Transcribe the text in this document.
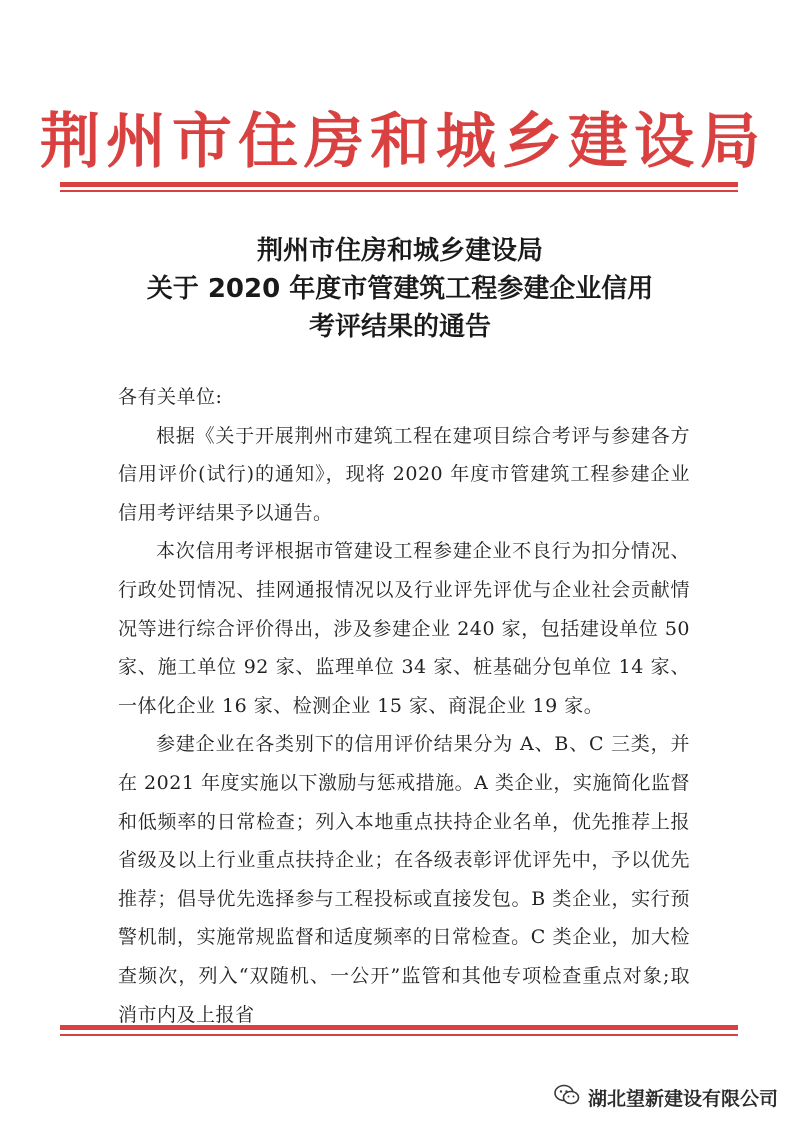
荆州市住房和城乡建设局
荆州市住房和城乡建设局
关于 2020 年度市管建筑工程参建企业信用
考评结果的通告

各有关单位:

根据《关于开展荆州市建筑工程在建项目综合考评与参建各方信用评价(试行)的通知》，现将 2020 年度市管建筑工程参建企业信用考评结果予以通告。

本次信用考评根据市管建设工程参建企业不良行为扣分情况、行政处罚情况、挂网通报情况以及行业评先评优与企业社会贡献情况等进行综合评价得出，涉及参建企业 240 家，包括建设单位 50 家、施工单位 92 家、监理单位 34 家、桩基础分包单位 14 家、一体化企业 16 家、检测企业 15 家、商混企业 19 家。

参建企业在各类别下的信用评价结果分为 A、B、C 三类，并在 2021 年度实施以下激励与惩戒措施。A 类企业，实施简化监督和低频率的日常检查；列入本地重点扶持企业名单，优先推荐上报省级及以上行业重点扶持企业；在各级表彰评优评先中，予以优先推荐；倡导优先选择参与工程投标或直接发包。B 类企业，实行预警机制，实施常规监督和适度频率的日常检查。C 类企业，加大检查频次，列入“双随机、一公开”监管和其他专项检查重点对象;取消市内及上报省

湖北望新建设有限公司
